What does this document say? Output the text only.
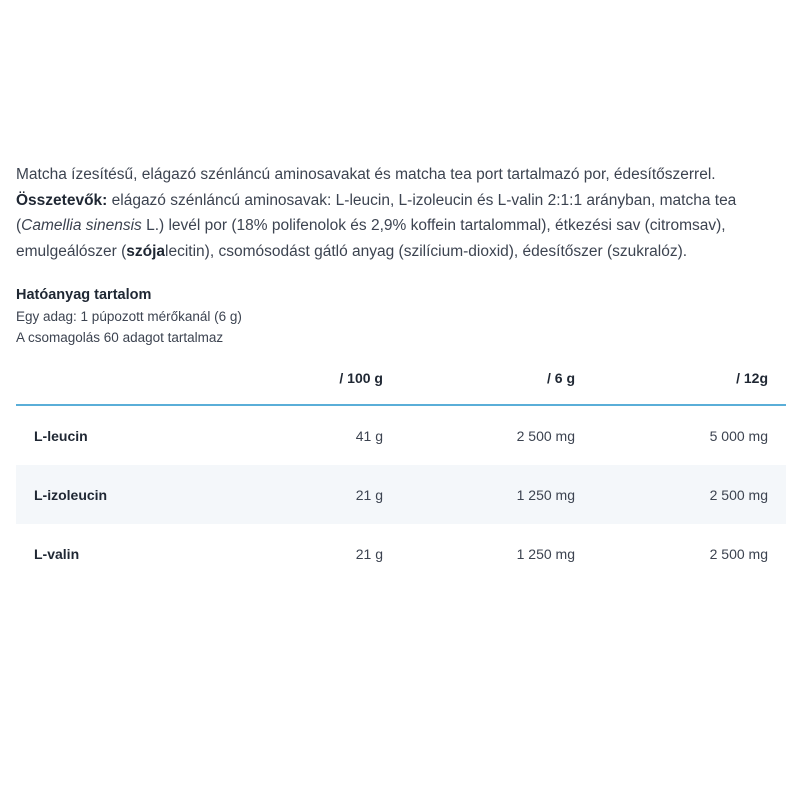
Matcha ízesítésű, elágazó szénláncú aminosavakat és matcha tea port tartalmazó por, édesítőszerrel.
Összetevők: elágazó szénláncú aminosavak: L-leucin, L-izoleucin és L-valin 2:1:1 arányban, matcha tea (Camellia sinensis L.) levél por (18% polifenolok és 2,9% koffein tartalommal), étkezési sav (citromsav), emulgeálószer (szójalecitin), csomósodást gátló anyag (szilícium-dioxid), édesítőszer (szukralóz).

Hatóanyag tartalom
Egy adag: 1 púpozott mérőkanál (6 g)
A csomagolás 60 adagot tartalmaz
	/ 100 g	/ 6 g	/ 12g
L-leucin	41 g	2 500 mg	5 000 mg
L-izoleucin	21 g	1 250 mg	2 500 mg
L-valin	21 g	1 250 mg	2 500 mg
